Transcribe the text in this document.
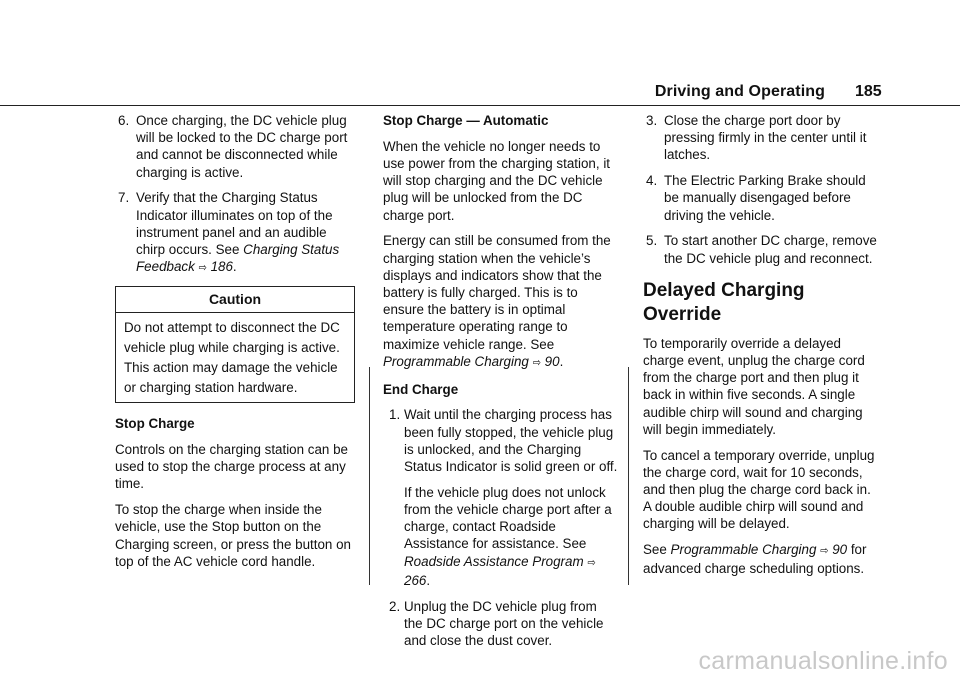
Driving and Operating 185
6. Once charging, the DC vehicle plug will be locked to the DC charge port and cannot be disconnected while charging is active.
7. Verify that the Charging Status Indicator illuminates on top of the instrument panel and an audible chirp occurs. See Charging Status Feedback ⇨ 186.
Caution
Do not attempt to disconnect the DC vehicle plug while charging is active. This action may damage the vehicle or charging station hardware.
Stop Charge

Controls on the charging station can be used to stop the charge process at any time.

To stop the charge when inside the vehicle, use the Stop button on the Charging screen, or press the button on top of the AC vehicle cord handle.

Stop Charge — Automatic

When the vehicle no longer needs to use power from the charging station, it will stop charging and the DC vehicle plug will be unlocked from the DC charge port.

Energy can still be consumed from the charging station when the vehicle’s displays and indicators show that the battery is fully charged. This is to ensure the battery is in optimal temperature operating range to maximize vehicle range. See Programmable Charging ⇨ 90.

End Charge
1. Wait until the charging process has been fully stopped, the vehicle plug is unlocked, and the Charging Status Indicator is solid green or off.
If the vehicle plug does not unlock from the vehicle charge port after a charge, contact Roadside Assistance for assistance. See Roadside Assistance Program ⇨ 266.
2. Unplug the DC vehicle plug from the DC charge port on the vehicle and close the dust cover.
3. Close the charge port door by pressing firmly in the center until it latches.
4. The Electric Parking Brake should be manually disengaged before driving the vehicle.
5. To start another DC charge, remove the DC vehicle plug and reconnect.
Delayed Charging Override

To temporarily override a delayed charge event, unplug the charge cord from the charge port and then plug it back in within five seconds. A single audible chirp will sound and charging will begin immediately.

To cancel a temporary override, unplug the charge cord, wait for 10 seconds, and then plug the charge cord back in. A double audible chirp will sound and charging will be delayed.

See Programmable Charging ⇨ 90 for advanced charge scheduling options.

carmanualsonline.info
